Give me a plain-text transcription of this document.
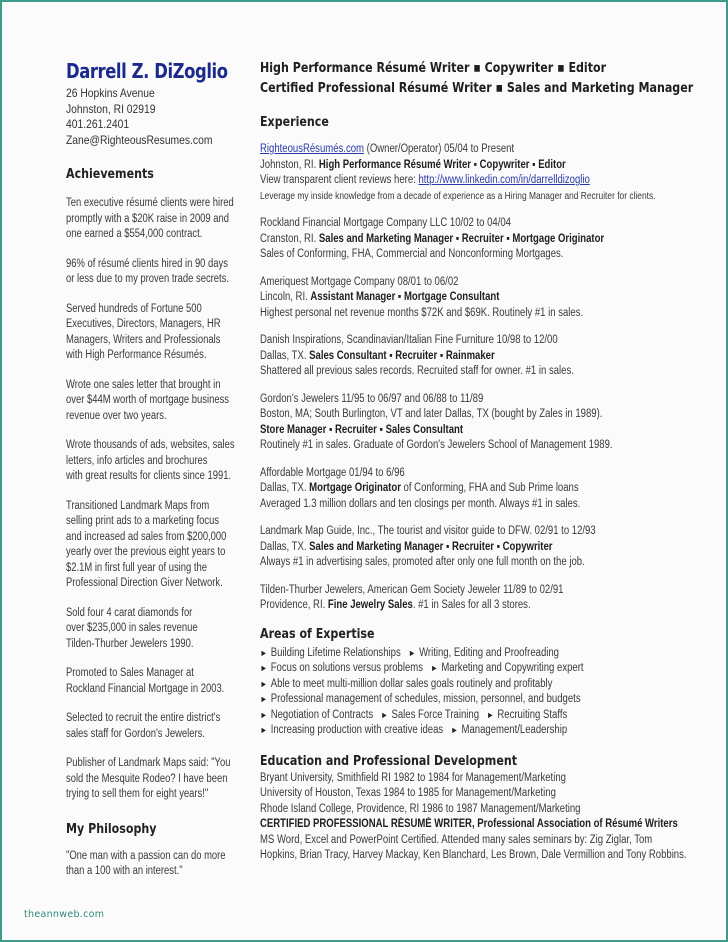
Darrell Z. DiZoglio
26 Hopkins Avenue
Johnston, RI 02919
401.261.2401
Zane@RighteousResumes.com
Achievements
Ten executive résumé clients were hired
promptly with a $20K raise in 2009 and
one earned a $554,000 contract.
96% of résumé clients hired in 90 days
or less due to my proven trade secrets.
Served hundreds of Fortune 500
Executives, Directors, Managers, HR
Managers, Writers and Professionals
with High Performance Résumés.
Wrote one sales letter that brought in
over $44M worth of mortgage business
revenue over two years.
Wrote thousands of ads, websites, sales
letters, info articles and brochures
with great results for clients since 1991.
Transitioned Landmark Maps from
selling print ads to a marketing focus
and increased ad sales from $200,000
yearly over the previous eight years to
$2.1M in first full year of using the
Professional Direction Giver Network.
Sold four 4 carat diamonds for
over $235,000 in sales revenue
Tilden-Thurber Jewelers 1990.
Promoted to Sales Manager at
Rockland Financial Mortgage in 2003.
Selected to recruit the entire district's
sales staff for Gordon's Jewelers.
Publisher of Landmark Maps said: "You
sold the Mesquite Rodeo? I have been
trying to sell them for eight years!"
My Philosophy
"One man with a passion can do more
than a 100 with an interest."
High Performance Résumé Writer ▪ Copywriter ▪ Editor
Certified Professional Résumé Writer ▪ Sales and Marketing Manager
Experience
RighteousRésumés.com (Owner/Operator) 05/04 to Present
Johnston, RI. High Performance Résumé Writer ▪ Copywriter ▪ Editor
View transparent client reviews here: http://www.linkedin.com/in/darrelldizoglio
Leverage my inside knowledge from a decade of experience as a Hiring Manager and Recruiter for clients.
Rockland Financial Mortgage Company LLC 10/02 to 04/04
Cranston, RI. Sales and Marketing Manager ▪ Recruiter ▪ Mortgage Originator
Sales of Conforming, FHA, Commercial and Nonconforming Mortgages.
Ameriquest Mortgage Company 08/01 to 06/02
Lincoln, RI. Assistant Manager ▪ Mortgage Consultant
Highest personal net revenue months $72K and $69K. Routinely #1 in sales.
Danish Inspirations, Scandinavian/Italian Fine Furniture 10/98 to 12/00
Dallas, TX. Sales Consultant ▪ Recruiter ▪ Rainmaker
Shattered all previous sales records. Recruited staff for owner. #1 in sales.
Gordon's Jewelers 11/95 to 06/97 and 06/88 to 11/89
Boston, MA; South Burlington, VT and later Dallas, TX (bought by Zales in 1989).
Store Manager ▪ Recruiter ▪ Sales Consultant
Routinely #1 in sales. Graduate of Gordon's Jewelers School of Management 1989.
Affordable Mortgage 01/94 to 6/96
Dallas, TX. Mortgage Originator of Conforming, FHA and Sub Prime loans
Averaged 1.3 million dollars and ten closings per month. Always #1 in sales.
Landmark Map Guide, Inc., The tourist and visitor guide to DFW. 02/91 to 12/93
Dallas, TX. Sales and Marketing Manager ▪ Recruiter ▪ Copywriter
Always #1 in advertising sales, promoted after only one full month on the job.
Tilden-Thurber Jewelers, American Gem Society Jeweler 11/89 to 02/91
Providence, RI. Fine Jewelry Sales. #1 in Sales for all 3 stores.
Areas of Expertise
► Building Lifetime Relationships ► Writing, Editing and Proofreading
► Focus on solutions versus problems ► Marketing and Copywriting expert
► Able to meet multi-million dollar sales goals routinely and profitably
► Professional management of schedules, mission, personnel, and budgets
► Negotiation of Contracts ► Sales Force Training ► Recruiting Staffs
► Increasing production with creative ideas ► Management/Leadership
Education and Professional Development
Bryant University, Smithfield RI 1982 to 1984 for Management/Marketing
University of Houston, Texas 1984 to 1985 for Management/Marketing
Rhode Island College, Providence, RI 1986 to 1987 Management/Marketing
CERTIFIED PROFESSIONAL RÉSUMÉ WRITER, Professional Association of Résumé Writers
MS Word, Excel and PowerPoint Certified. Attended many sales seminars by: Zig Ziglar, Tom
Hopkins, Brian Tracy, Harvey Mackay, Ken Blanchard, Les Brown, Dale Vermillion and Tony Robbins.
theannweb.com
